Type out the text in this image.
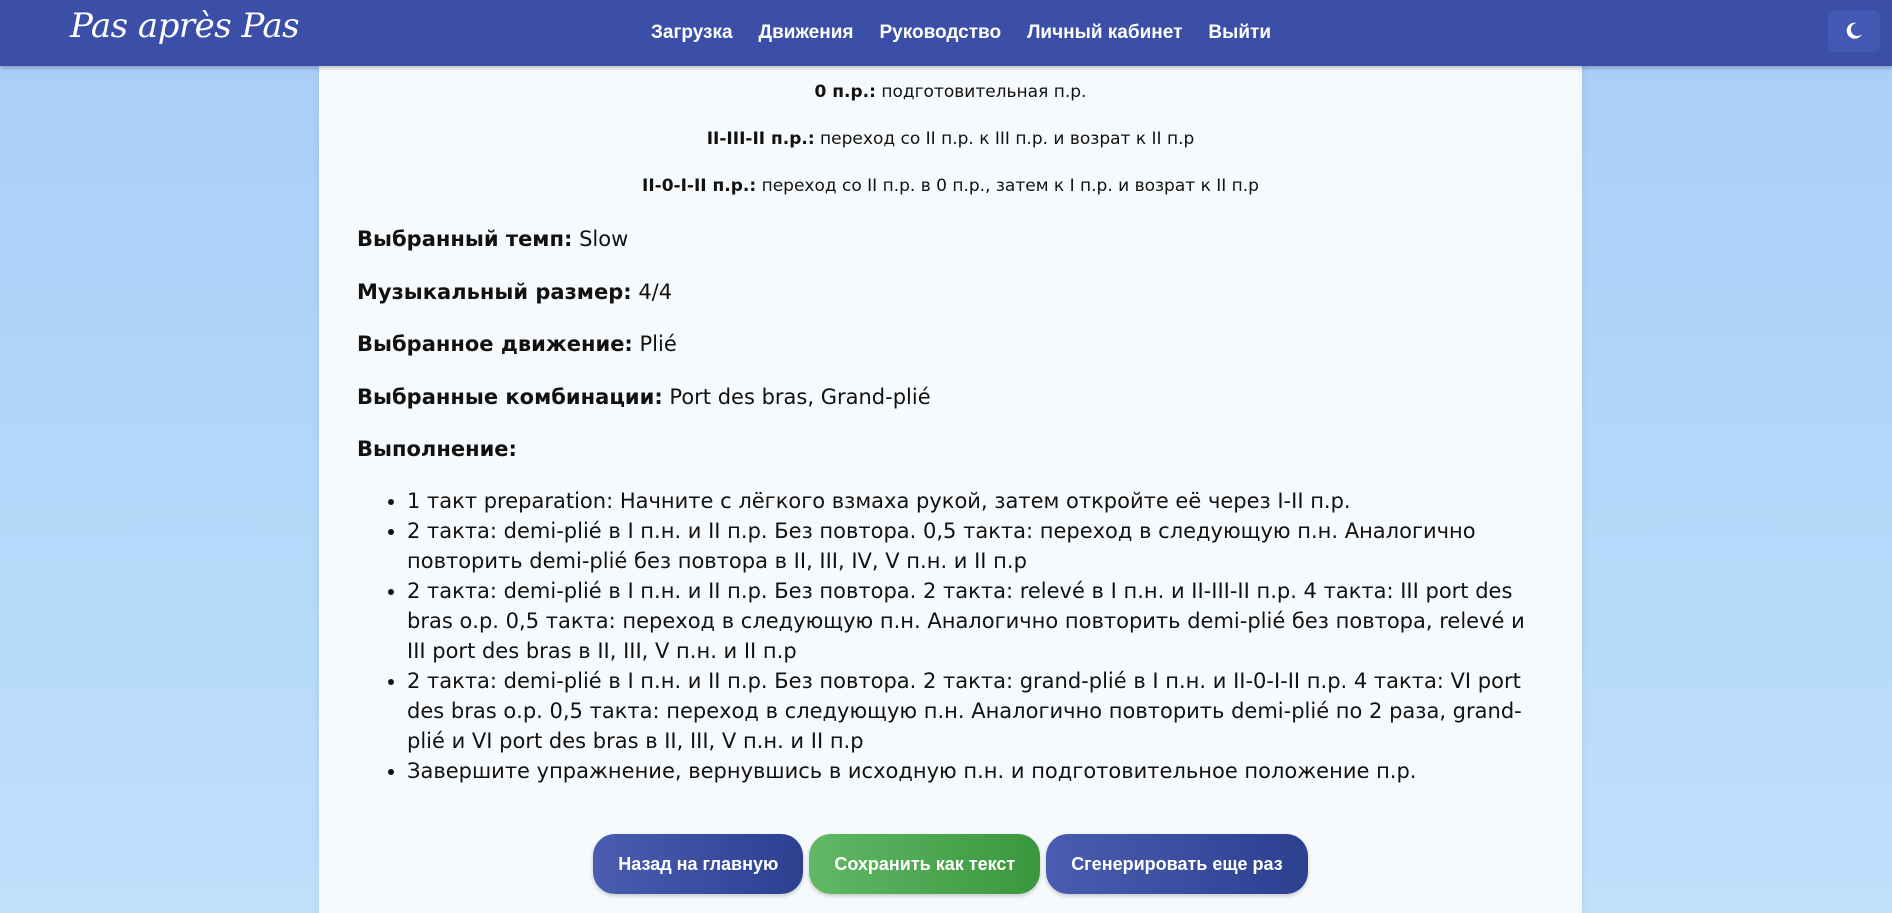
Pas après Pas	Загрузка Движения Руководство Личный кабинет Выйти
0 п.р.: подготовительная п.р.
II-III-II п.р.: переход со II п.р. к III п.р. и возрат к II п.р
II-0-I-II п.р.: переход со II п.р. в 0 п.р., затем к I п.р. и возрат к II п.р
Выбранный темп: Slow
Музыкальный размер: 4/4
Выбранное движение: Plié
Выбранные комбинации: Port des bras, Grand-plié
Выполнение:
• 1 такт preparation: Начните с лёгкого взмаха рукой, затем откройте её через I-II п.р.
• 2 такта: demi-plié в I п.н. и II п.р. Без повтора. 0,5 такта: переход в следующую п.н. Аналогично повторить demi-plié без повтора в II, III, IV, V п.н. и II п.р
• 2 такта: demi-plié в I п.н. и II п.р. Без повтора. 2 такта: relevé в I п.н. и II-III-II п.р. 4 такта: III port des bras о.р. 0,5 такта: переход в следующую п.н. Аналогично повторить demi-plié без повтора, relevé и III port des bras в II, III, V п.н. и II п.р
• 2 такта: demi-plié в I п.н. и II п.р. Без повтора. 2 такта: grand-plié в I п.н. и II-0-I-II п.р. 4 такта: VI port des bras о.р. 0,5 такта: переход в следующую п.н. Аналогично повторить demi-plié по 2 раза, grand-plié и VI port des bras в II, III, V п.н. и II п.р
• Завершите упражнение, вернувшись в исходную п.н. и подготовительное положение п.р.
Назад на главную	Сохранить как текст	Сгенерировать еще раз
